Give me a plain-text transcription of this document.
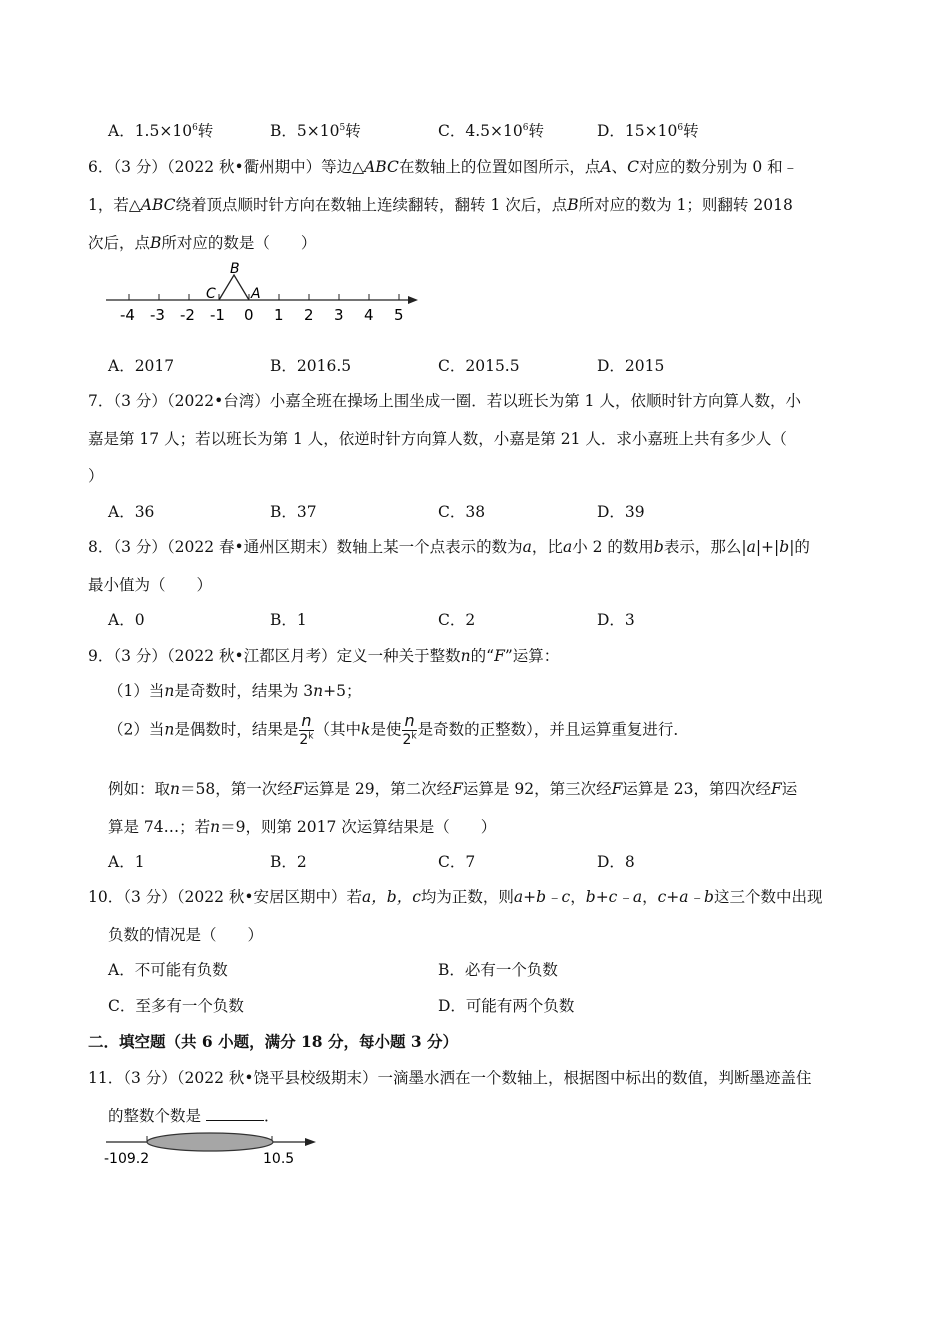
A．$1.5\times 10^6$转	B．$5\times 10^5$转	C．$4.5\times 10^6$转	D．$15\times 10^6$转
6．（3 分）（2022 秋•衢州期中）等边△ABC在数轴上的位置如图所示，点A、C对应的数分别为 0 和﹣
1，若△ABC绕着顶点顺时针方向在数轴上连续翻转，翻转 1 次后，点B所对应的数为 1；则翻转 2018
次后，点B所对应的数是（　　）
B
C	A
-4 -3 -2 -1 0 1 2 3 4 5
A．2017	B．2016.5	C．2015.5	D．2015
7．（3 分）（2022•台湾）小嘉全班在操场上围坐成一圈．若以班长为第 1 人，依顺时针方向算人数，小
嘉是第 17 人；若以班长为第 1 人，依逆时针方向算人数，小嘉是第 21 人．求小嘉班上共有多少人（
）
A．36	B．37	C．38	D．39
8．（3 分）（2022 春•通州区期末）数轴上某一个点表示的数为a，比a小 2 的数用b表示，那么|a|+|b|的
最小值为（　　）
A．0	B．1	C．2	D．3
9．（3 分）（2022 秋•江都区月考）定义一种关于整数n的“F”运算：
（1）当n是奇数时，结果为 3n+5；
（2）当n是偶数时，结果是 $\frac{n}{2^k}$ （其中k是使 $\frac{n}{2^k}$ 是奇数的正整数），并且运算重复进行．
例如：取n＝58，第一次经F运算是 29，第二次经F运算是 92，第三次经F运算是 23，第四次经F运
算是 74…；若n＝9，则第 2017 次运算结果是（　　）
A．1	B．2	C．7	D．8
10．（3 分）（2022 秋•安居区期中）若a，b，c均为正数，则a+b﹣c，b+c﹣a，c+a﹣b这三个数中出现
负数的情况是（　　）
A．不可能有负数	B．必有一个负数
C．至多有一个负数	D．可能有两个负数
二．填空题（共 6 小题，满分 18 分，每小题 3 分）
11．（3 分）（2022 秋•饶平县校级期末）一滴墨水洒在一个数轴上，根据图中标出的数值，判断墨迹盖住
的整数个数是	．
-109.2	10.5
